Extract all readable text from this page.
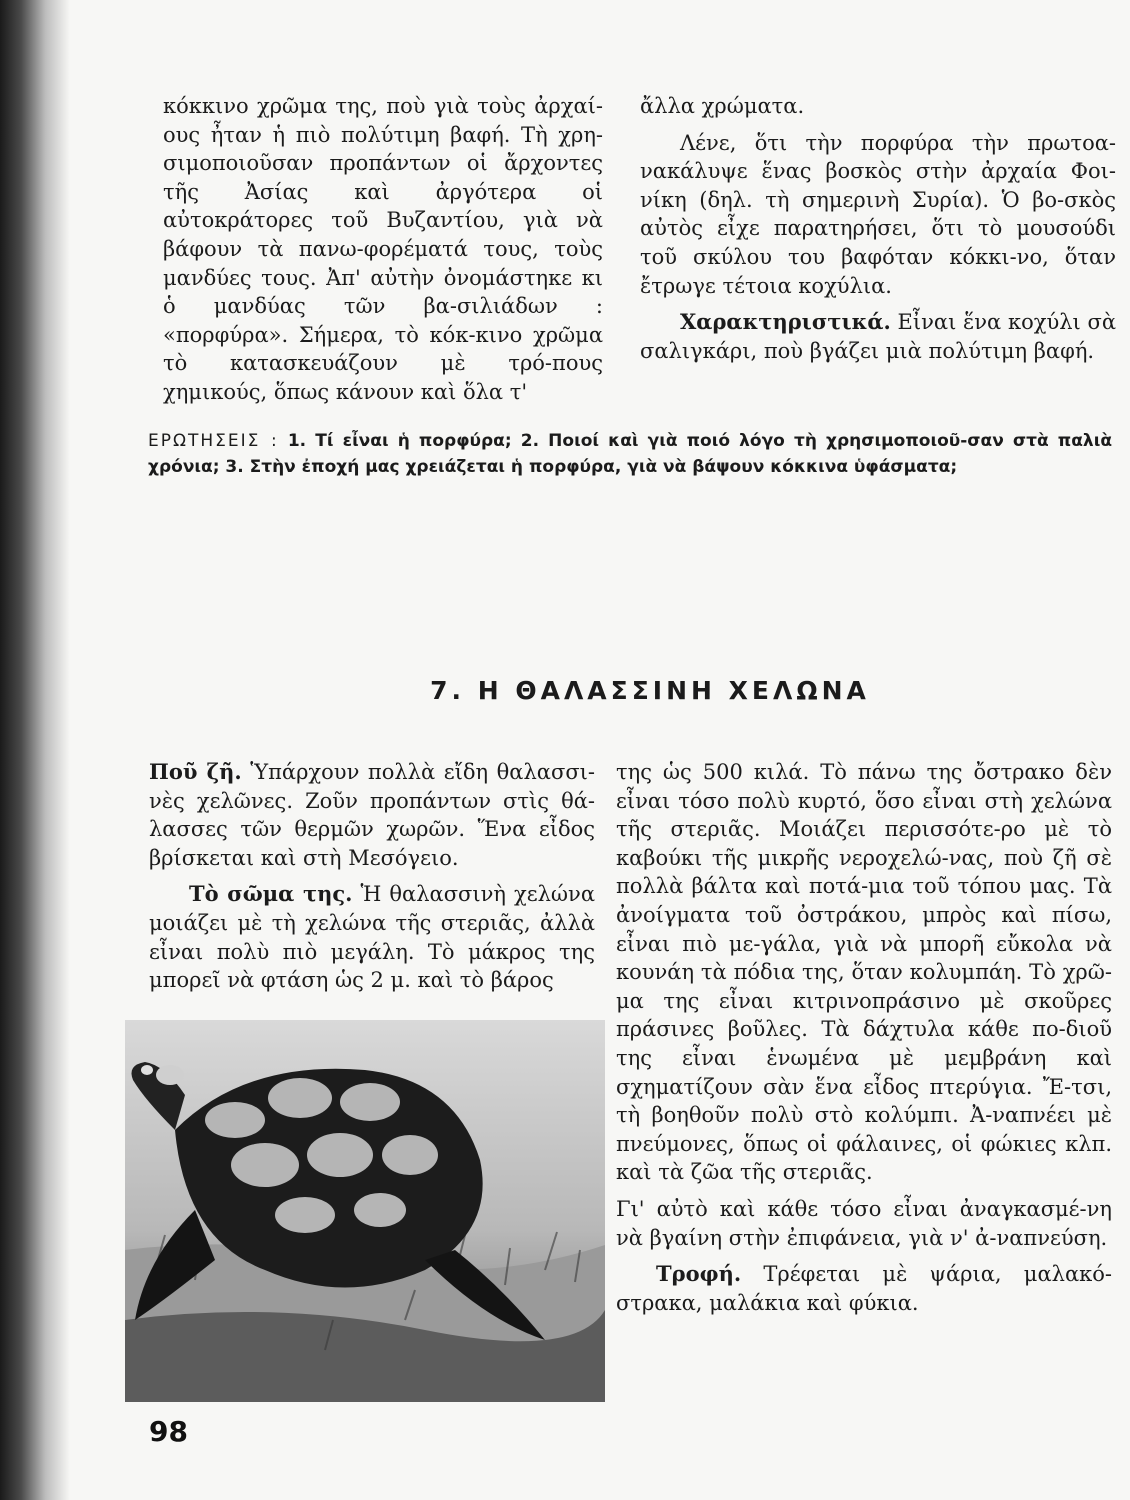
κόκκινο χρῶμα της, ποὺ γιὰ τοὺς ἀρχαί-ους ἦταν ἡ πιὸ πολύτιμη βαφή. Τὴ χρη-σιμοποιοῦσαν προπάντων οἱ ἄρχοντες τῆς Ἀσίας καὶ ἀργότερα οἱ αὐτοκράτορες τοῦ Βυζαντίου, γιὰ νὰ βάφουν τὰ πανω-φορέματά τους, τοὺς μανδύες τους. Ἀπ' αὐτὴν ὀνομάστηκε κι ὁ μανδύας τῶν βα-σιλιάδων : «πορφύρα». Σήμερα, τὸ κόκ-κινο χρῶμα τὸ κατασκευάζουν μὲ τρό-πους χημικούς, ὅπως κάνουν καὶ ὅλα τ'

ἄλλα χρώματα.

Λένε, ὅτι τὴν πορφύρα τὴν πρωτοα-νακάλυψε ἕνας βοσκὸς στὴν ἀρχαία Φοι-νίκη (δηλ. τὴ σημερινὴ Συρία). Ὁ βο-σκὸς αὐτὸς εἶχε παρατηρήσει, ὅτι τὸ μουσούδι τοῦ σκύλου του βαφόταν κόκκι-νο, ὅταν ἔτρωγε τέτοια κοχύλια.

Χαρακτηριστικά. Εἶναι ἕνα κοχύλι σὰ σαλιγκάρι, ποὺ βγάζει μιὰ πολύτιμη βαφή.

ΕΡΩΤΗΣΕΙΣ : 1. Τί εἶναι ἡ πορφύρα; 2. Ποιοί καὶ γιὰ ποιό λόγο τὴ χρησιμοποιοῦ-σαν στὰ παλιὰ χρόνια; 3. Στὴν ἐποχή μας χρειάζεται ἡ πορφύρα, γιὰ νὰ βάψουν κόκκινα ὑφάσματα;
7. Η ΘΑΛΑΣΣΙΝΗ ΧΕΛΩΝΑ

Ποῦ ζῆ. Ὑπάρχουν πολλὰ εἴδη θαλασσι-νὲς χελῶνες. Ζοῦν προπάντων στὶς θά-λασσες τῶν θερμῶν χωρῶν. Ἕνα εἶδος βρίσκεται καὶ στὴ Μεσόγειο.

Τὸ σῶμα της. Ἡ θαλασσινὴ χελώνα μοιάζει μὲ τὴ χελώνα τῆς στεριᾶς, ἀλλὰ εἶναι πολὺ πιὸ μεγάλη. Τὸ μάκρος της μπορεῖ νὰ φτάση ὡς 2 μ. καὶ τὸ βάρος

της ὡς 500 κιλά. Τὸ πάνω της ὄστρακο δὲν εἶναι τόσο πολὺ κυρτό, ὅσο εἶναι στὴ χελώνα τῆς στεριᾶς. Μοιάζει περισσότε-ρο μὲ τὸ καβούκι τῆς μικρῆς νεροχελώ-νας, ποὺ ζῆ σὲ πολλὰ βάλτα καὶ ποτά-μια τοῦ τόπου μας. Τὰ ἀνοίγματα τοῦ ὀστράκου, μπρὸς καὶ πίσω, εἶναι πιὸ με-γάλα, γιὰ νὰ μπορῆ εὔκολα νὰ κουνάη τὰ πόδια της, ὅταν κολυμπάη. Τὸ χρῶ-μα της εἶναι κιτρινοπράσινο μὲ σκοῦρες πράσινες βοῦλες. Τὰ δάχτυλα κάθε πο-διοῦ της εἶναι ἑνωμένα μὲ μεμβράνη καὶ σχηματίζουν σὰν ἕνα εἶδος πτερύγια. Ἔ-τσι, τὴ βοηθοῦν πολὺ στὸ κολύμπι. Ἀ-ναπνέει μὲ πνεύμονες, ὅπως οἱ φάλαινες, οἱ φώκιες κλπ. καὶ τὰ ζῶα τῆς στεριᾶς.

Γι' αὐτὸ καὶ κάθε τόσο εἶναι ἀναγκασμέ-νη νὰ βγαίνη στὴν ἐπιφάνεια, γιὰ ν' ἀ-ναπνεύση.

Τροφή. Τρέφεται μὲ ψάρια, μαλακό-στρακα, μαλάκια καὶ φύκια.

98
